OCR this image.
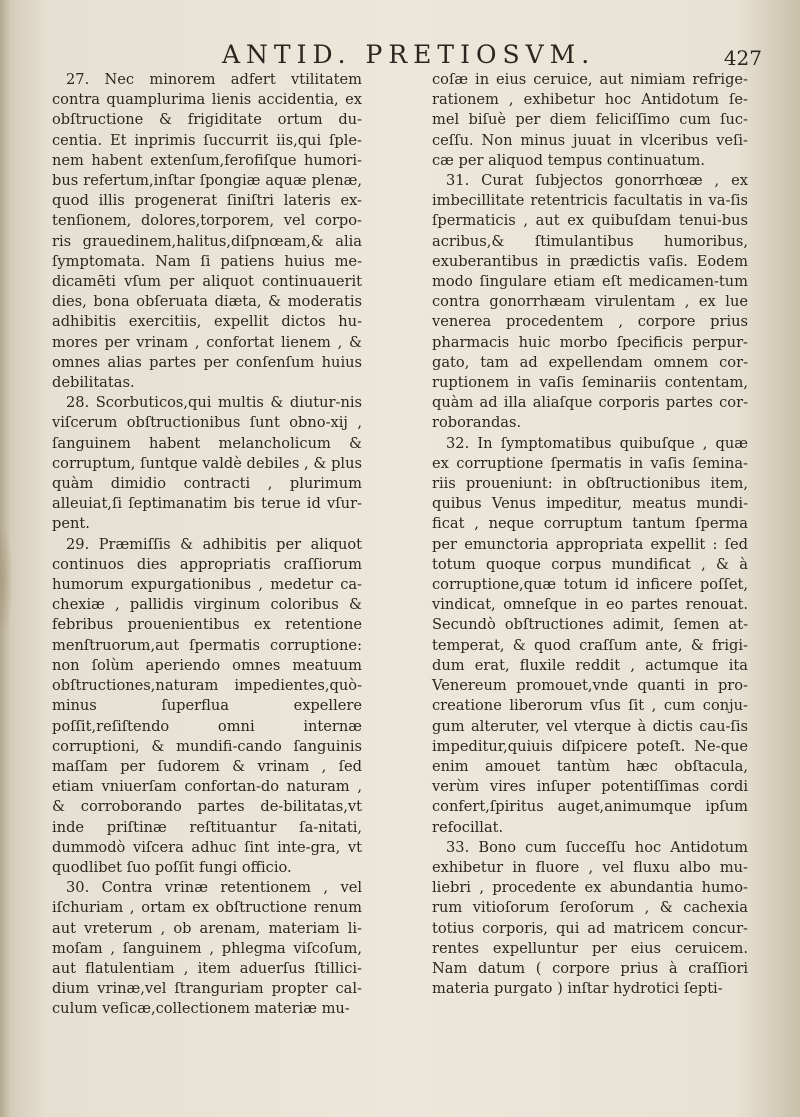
ANTID. PRETIOSVM.	427

27. Nec minorem adfert vtilitatem contra quamplurima lienis accidentia, ex obſtructione & frigiditate ortum du-centia. Et inprimis ſuccurrit iis,qui ſple-nem habent extenſum,ferofiſque humori-bus refertum,inſtar ſpongiæ aquæ plenæ, quod illis progenerat ſiniſtri lateris ex-tenſionem, dolores,torporem, vel corpo-ris grauedinem,halitus,diſpnœam,& alia ſymptomata. Nam ſi patiens huius me-dicamēti vſum per aliquot continuauerit dies, bona obſeruata diæta, & moderatis adhibitis exercitiis, expellit dictos hu-mores per vrinam , confortat lienem , & omnes alias partes per conſenſum huius debilitatas.

28. Scorbuticos,qui multis & diutur-nis viſcerum obſtructionibus ſunt obno-xij , ſanguinem habent melancholicum & corruptum, ſuntque valdè debiles , & plus quàm dimidio contracti , plurimum alleuiat,ſi ſeptimanatim bis terue id vſur-pent.

29. Præmiſſis & adhibitis per aliquot continuos dies appropriatis craſſiorum humorum expurgationibus , medetur ca-chexiæ , pallidis virginum coloribus & febribus prouenientibus ex retentione menſtruorum,aut ſpermatis corruptione: non ſolùm aperiendo omnes meatuum obſtructiones,naturam impedientes,quò-minus ſuperflua expellere poſſit,reſiſtendo omni internæ corruptioni, & mundifi-cando ſanguinis maſſam per ſudorem & vrinam , ſed etiam vniuerſam confortan-do naturam , & corroborando partes de-bilitatas,vt inde priſtinæ reſtituantur ſa-nitati, dummodò viſcera adhuc ſint inte-gra, vt quodlibet ſuo poſſit fungi officio.

30. Contra vrinæ retentionem , vel iſchuriam , ortam ex obſtructione renum aut vreterum , ob arenam, materiam li-moſam , ſanguinem , phlegma viſcoſum, aut flatulentiam , item aduerſus ſtillici-dium vrinæ,vel ſtranguriam propter cal-culum veſicæ,collectionem materiæ mu-

coſæ in eius ceruice, aut nimiam refrige-rationem , exhibetur hoc Antidotum ſe-mel biſuè per diem feliciſſimo cum ſuc-ceſſu. Non minus juuat in vlceribus veſi-cæ per aliquod tempus continuatum.

31. Curat ſubjectos gonorrhœæ , ex imbecillitate retentricis facultatis in va-ſis ſpermaticis , aut ex quibuſdam tenui-bus acribus,& ſtimulantibus humoribus, exuberantibus in prædictis vaſis. Eodem modo ſingulare etiam eſt medicamen-tum contra gonorrhæam virulentam , ex lue venerea procedentem , corpore prius pharmacis huic morbo ſpecificis perpur-gato, tam ad expellendam omnem cor-ruptionem in vaſis ſeminariis contentam, quàm ad illa aliaſque corporis partes cor-roborandas.

32. In ſymptomatibus quibuſque , quæ ex corruptione ſpermatis in vaſis ſemina-riis proueniunt: in obſtructionibus item, quibus Venus impeditur, meatus mundi-ficat , neque corruptum tantum ſperma per emunctoria appropriata expellit : ſed totum quoque corpus mundificat , & à corruptione,quæ totum id inficere poſſet, vindicat, omneſque in eo partes renouat. Secundò obſtructiones adimit, ſemen at-temperat, & quod craſſum ante, & frigi-dum erat, fluxile reddit , actumque ita Venereum promouet,vnde quanti in pro-creatione liberorum vſus ſit , cum conju-gum alteruter, vel vterque à dictis cau-ſis impeditur,quiuis diſpicere poteſt. Ne-que enim amouet tantùm hæc obſtacula, verùm vires inſuper potentiſſimas cordi confert,ſpiritus auget,animumque ipſum refocillat.

33. Bono cum ſucceſſu hoc Antidotum exhibetur in fluore , vel fluxu albo mu-liebri , procedente ex abundantia humo-rum vitioſorum ſeroſorum , & cachexia totius corporis, qui ad matricem concur-rentes expelluntur per eius ceruicem. Nam datum ( corpore prius à craſſiori materia purgato ) inſtar hydrotici ſepti-
